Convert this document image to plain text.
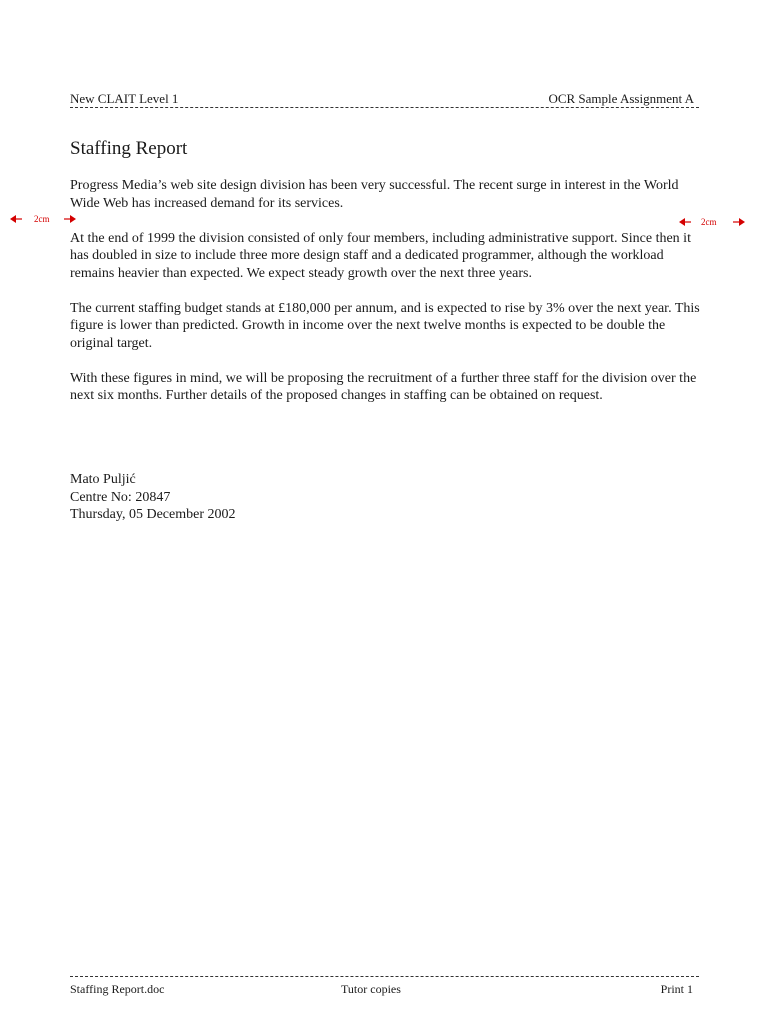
New CLAIT Level 1	OCR Sample Assignment A
Staffing Report
2cm	2cm

Progress Media’s web site design division has been very successful. The recent surge in interest in the World Wide Web has increased demand for its services.

At the end of 1999 the division consisted of only four members, including administrative support. Since then it has doubled in size to include three more design staff and a dedicated programmer, although the workload remains heavier than expected. We expect steady growth over the next three years.

The current staffing budget stands at £180,000 per annum, and is expected to rise by 3% over the next year. This figure is lower than predicted. Growth in income over the next twelve months is expected to be double the original target.

With these figures in mind, we will be proposing the recruitment of a further three staff for the division over the next six months. Further details of the proposed changes in staffing can be obtained on request.

Mato Puljić
Centre No: 20847
Thursday, 05 December 2002
Staffing Report.doc	Tutor copies	Print 1
